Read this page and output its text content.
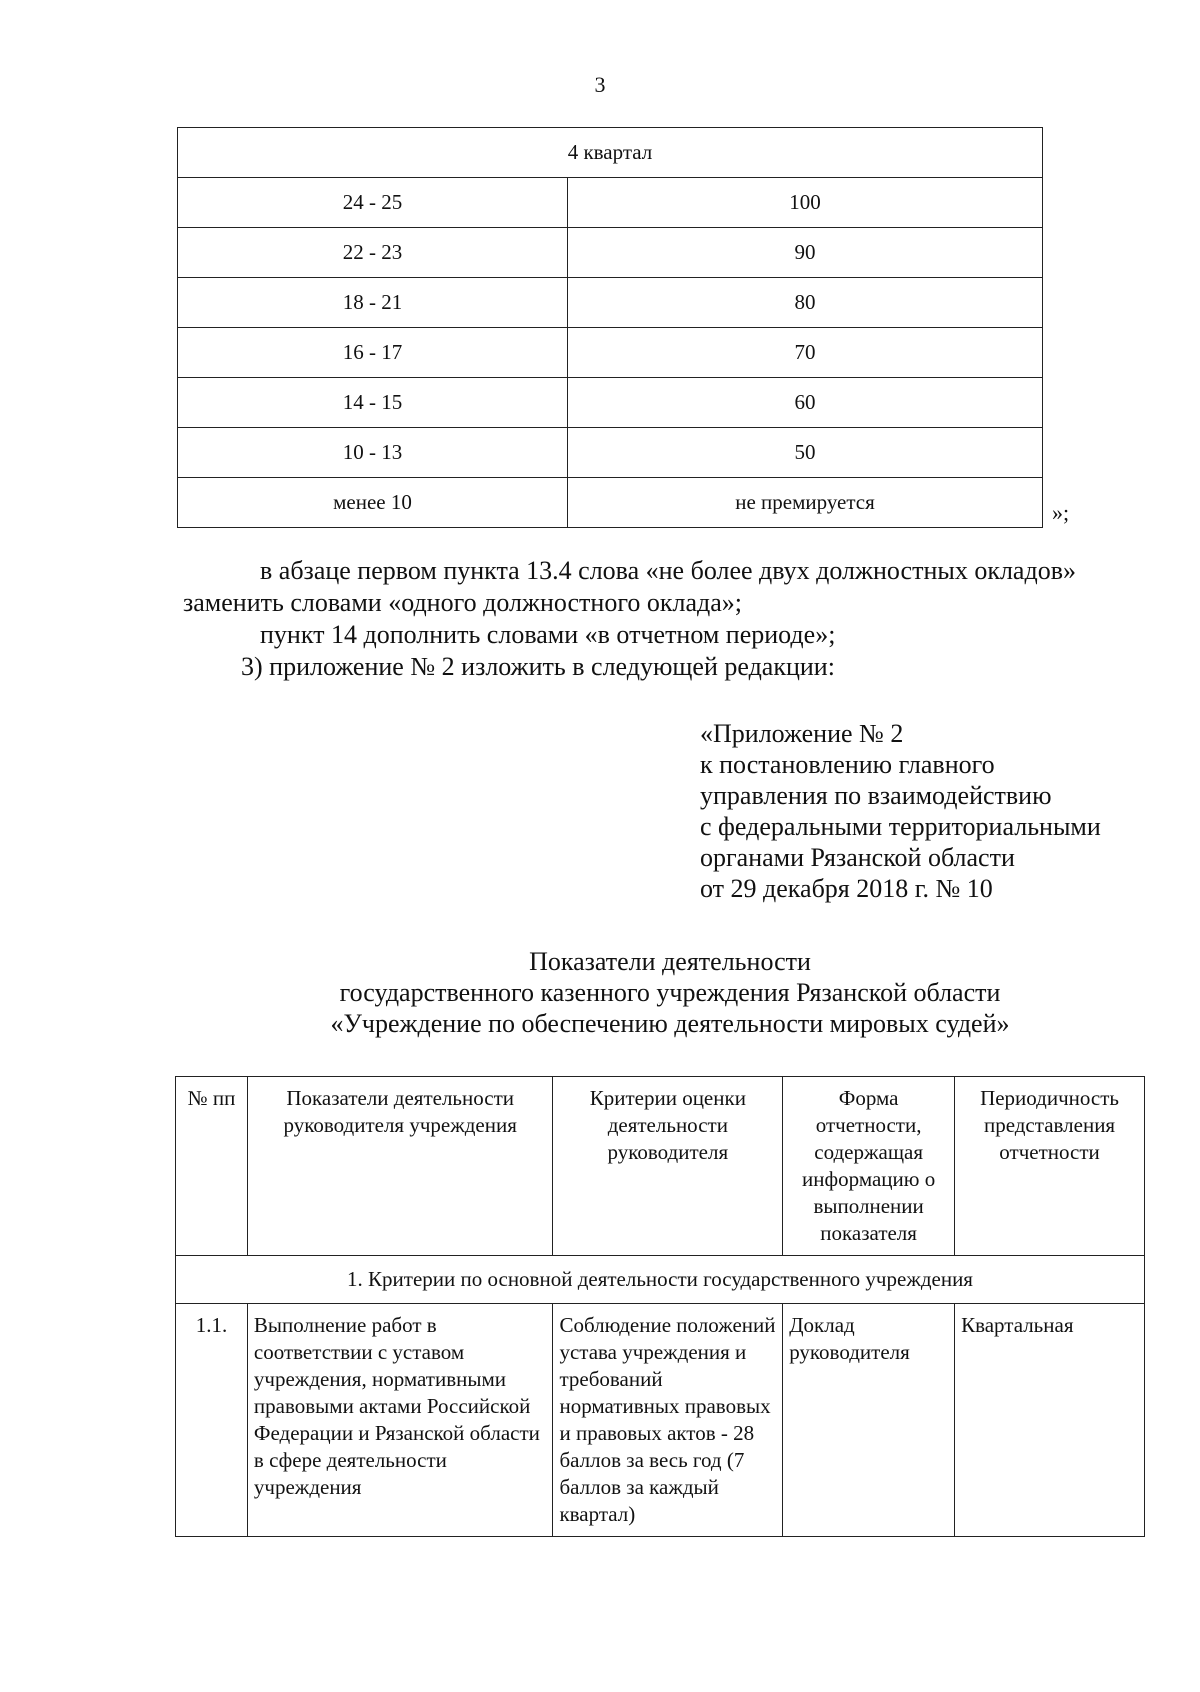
3
4 квартал	
24 - 25	100
22 - 23	90
18 - 21	80
16 - 17	70
14 - 15	60
10 - 13	50
менее 10	не премируется	»;
в абзаце первом пункта 13.4 слова «не более двух должностных окладов»
заменить словами «одного должностного оклада»;
пункт 14 дополнить словами «в отчетном периоде»;
3) приложение № 2 изложить в следующей редакции:
«Приложение № 2
к постановлению главного
управления по взаимодействию
с федеральными территориальными
органами Рязанской области
от 29 декабря 2018 г. № 10
Показатели деятельности
государственного казенного учреждения Рязанской области
«Учреждение по обеспечению деятельности мировых судей»
№ пп	Показатели деятельности руководителя учреждения	Критерии оценки деятельности руководителя	Форма отчетности, содержащая информацию о выполнении показателя	Периодичность представления отчетности
1. Критерии по основной деятельности государственного учреждения				
1.1.	Выполнение работ в соответствии с уставом учреждения, нормативными правовыми актами Российской Федерации и Рязанской области в сфере деятельности учреждения	Соблюдение положений устава учреждения и требований нормативных правовых и правовых актов - 28 баллов за весь год (7 баллов за каждый квартал)	Доклад руководителя	Квартальная
